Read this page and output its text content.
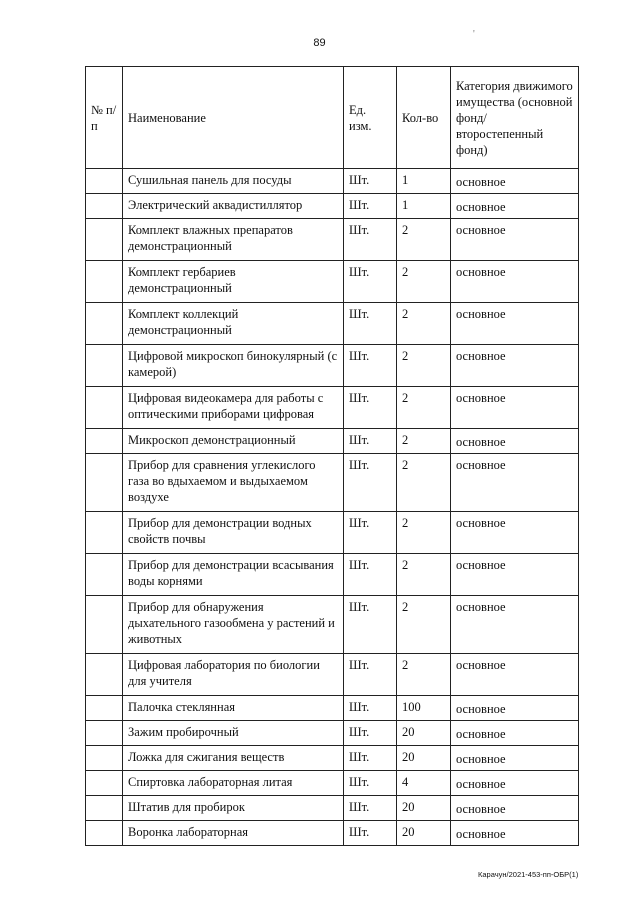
89
'
№ п/п	Наименование	Ед. изм.	Кол-во	Категория движимого имущества (основной фонд/ второстепенный фонд)
	Сушильная панель для посуды	Шт.	1	основное
	Электрический аквадистиллятор	Шт.	1	основное
	Комплект влажных препаратов демонстрационный	Шт.	2	основное
	Комплект гербариев демонстрационный	Шт.	2	основное
	Комплект коллекций демонстрационный	Шт.	2	основное
	Цифровой микроскоп бинокулярный (с камерой)	Шт.	2	основное
	Цифровая видеокамера для работы с оптическими приборами цифровая	Шт.	2	основное
	Микроскоп демонстрационный	Шт.	2	основное
	Прибор для сравнения углекислого газа во вдыхаемом и выдыхаемом воздухе	Шт.	2	основное
	Прибор для демонстрации водных свойств почвы	Шт.	2	основное
	Прибор для демонстрации всасывания воды корнями	Шт.	2	основное
	Прибор для обнаружения дыхательного газообмена у растений и животных	Шт.	2	основное
	Цифровая лаборатория по биологии для учителя	Шт.	2	основное
	Палочка стеклянная	Шт.	100	основное
	Зажим пробирочный	Шт.	20	основное
	Ложка для сжигания веществ	Шт.	20	основное
	Спиртовка лабораторная литая	Шт.	4	основное
	Штатив для пробирок	Шт.	20	основное
	Воронка лабораторная	Шт.	20	основное
Карачун/2021-453-пп-ОБР(1)
